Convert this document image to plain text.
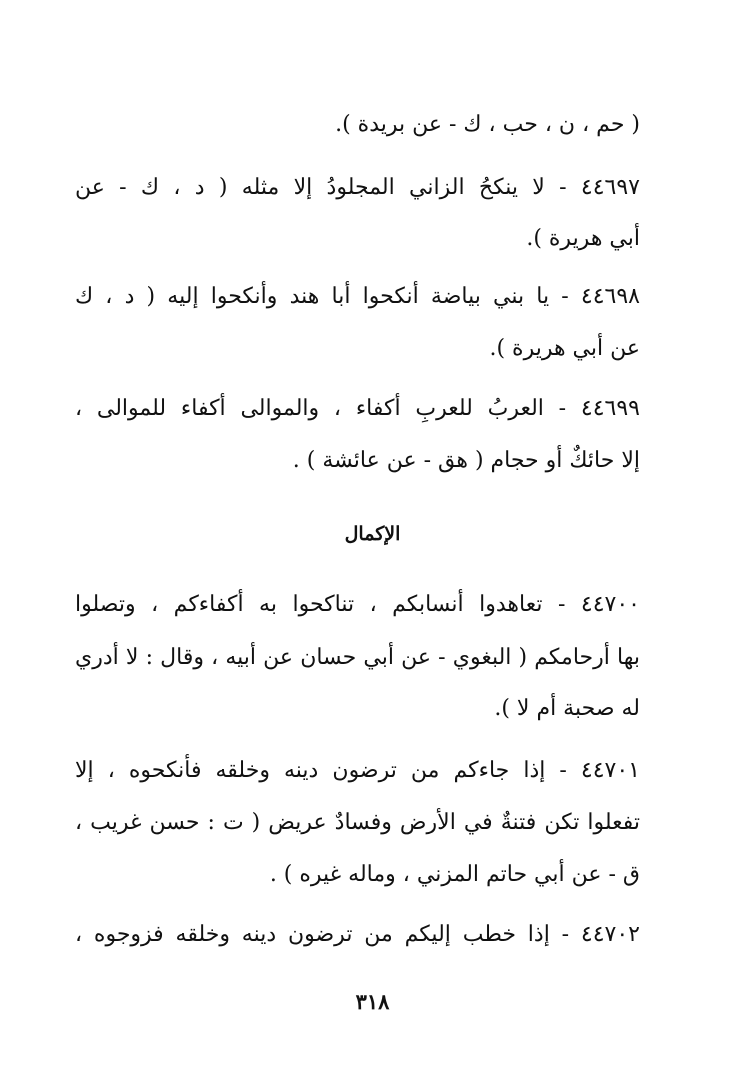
( حم ، ن ، حب ، ك - عن بريدة ).
٤٤٦٩٧ - لا ينكحُ الزاني المجلودُ إلا مثله ( د ، ك - عن
أبي هريرة ).
٤٤٦٩٨ - يا بني بياضة أنكحوا أبا هند وأنكحوا إليه ( د ، ك
عن أبي هريرة ).
٤٤٦٩٩ - العربُ للعربِ أكفاء ، والموالى أكفاء للموالى ،
إلا حائكٌ أو حجام ( هق - عن عائشة ) .
الإكمال
٤٤٧٠٠ - تعاهدوا أنسابكم ، تناكحوا به أكفاءكم ، وتصلوا
بها أرحامكم ( البغوي - عن أبي حسان عن أبيه ، وقال : لا أدري
له صحبة أم لا ).
٤٤٧٠١ - إذا جاءكم من ترضون دينه وخلقه فأنكحوه ، إلا
تفعلوا تكن فتنةٌ في الأرض وفسادٌ عريض ( ت : حسن غريب ،
ق - عن أبي حاتم المزني ، وماله غيره ) .
٤٤٧٠٢ - إذا خطب إليكم من ترضون دينه وخلقه فزوجوه ،
٣١٨
